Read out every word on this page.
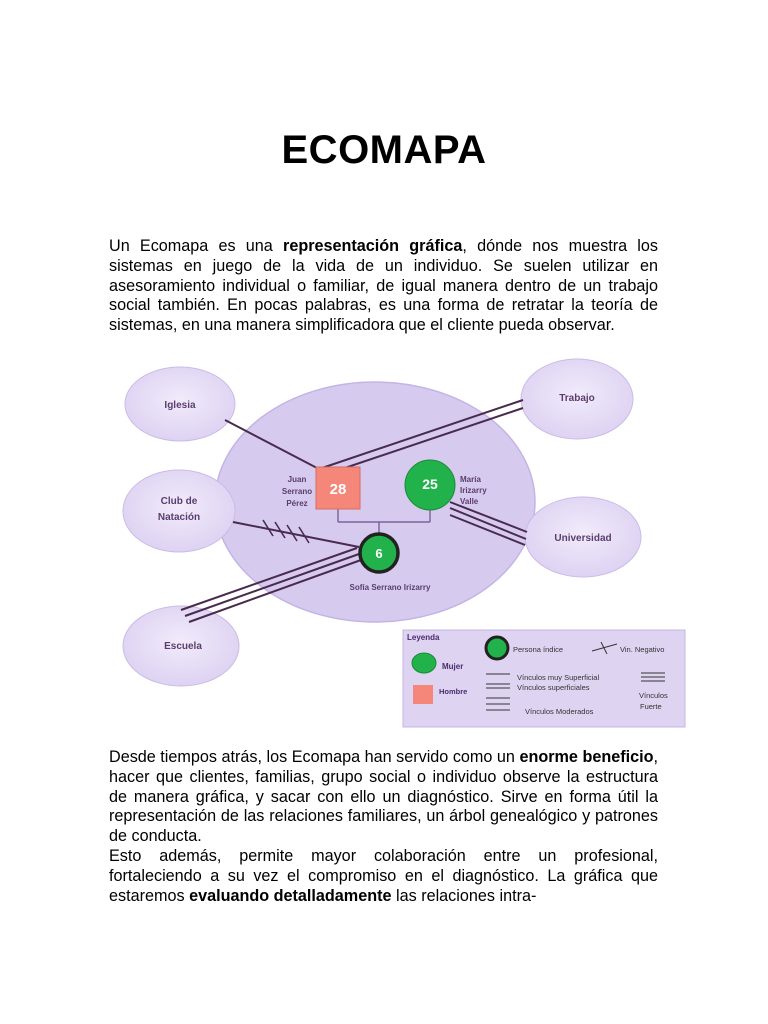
ECOMAPA

Un Ecomapa es una representación gráfica, dónde nos muestra los sistemas en juego de la vida de un individuo. Se suelen utilizar en asesoramiento individual o familiar, de igual manera dentro de un trabajo social también. En pocas palabras, es una forma de retratar la teoría de sistemas, en una manera simplificadora que el cliente pueda observar.

28
Juan
Serrano
Pérez
25	María
Irizarry
Valle
6
Sofía Serrano Irizarry
Iglesia
Trabajo
Club de
Natación
Universidad
Escuela
Leyenda
Persona índice	Vin. Negativo
Mujer
Hombre
Vínculos muy Superficial
Vínculos superficiales
Vínculos Moderados
Vínculos
Fuerte

Desde tiempos atrás, los Ecomapa han servido como un enorme beneficio, hacer que clientes, familias, grupo social o individuo observe la estructura de manera gráfica, y sacar con ello un diagnóstico. Sirve en forma útil la representación de las relaciones familiares, un árbol genealógico y patrones de conducta.

Esto además, permite mayor colaboración entre un profesional, fortaleciendo a su vez el compromiso en el diagnóstico. La gráfica que estaremos evaluando detalladamente las relaciones intra-
